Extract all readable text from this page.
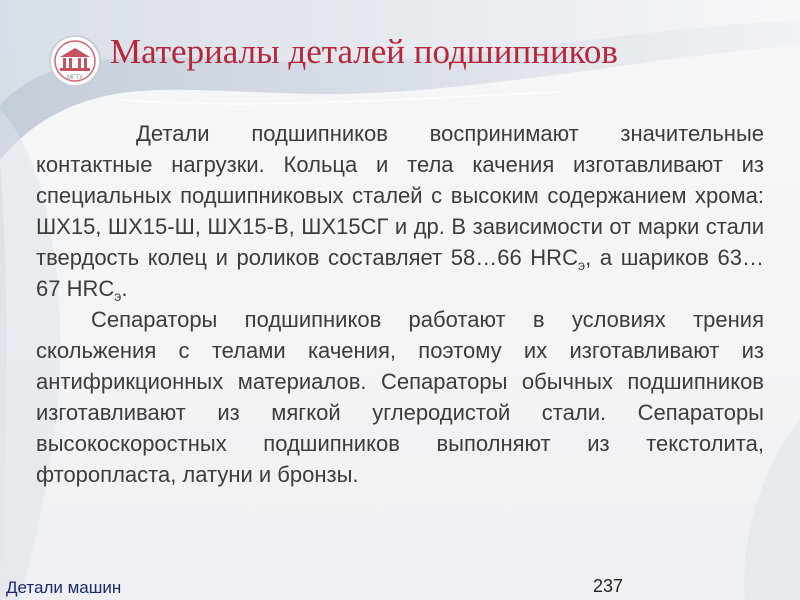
МГТУ
Материалы деталей подшипников

Детали подшипников воспринимают значительные контактные нагрузки. Кольца и тела качения изготавливают из специальных подшипниковых сталей с высоким содержанием хрома: ШХ15, ШХ15-Ш, ШХ15-В, ШХ15СГ и др. В зависимости от марки стали твердость колец и роликов составляет 58…66 $HRC_э$, а шариков 63…67 $HRC_э$.

Сепараторы подшипников работают в условиях трения скольжения с телами качения, поэтому их изготавливают из антифрикционных материалов. Сепараторы обычных подшипников изготавливают из мягкой углеродистой стали. Сепараторы высокоскоростных подшипников выполняют из текстолита, фторопласта, латуни и бронзы.

Детали машин	237
